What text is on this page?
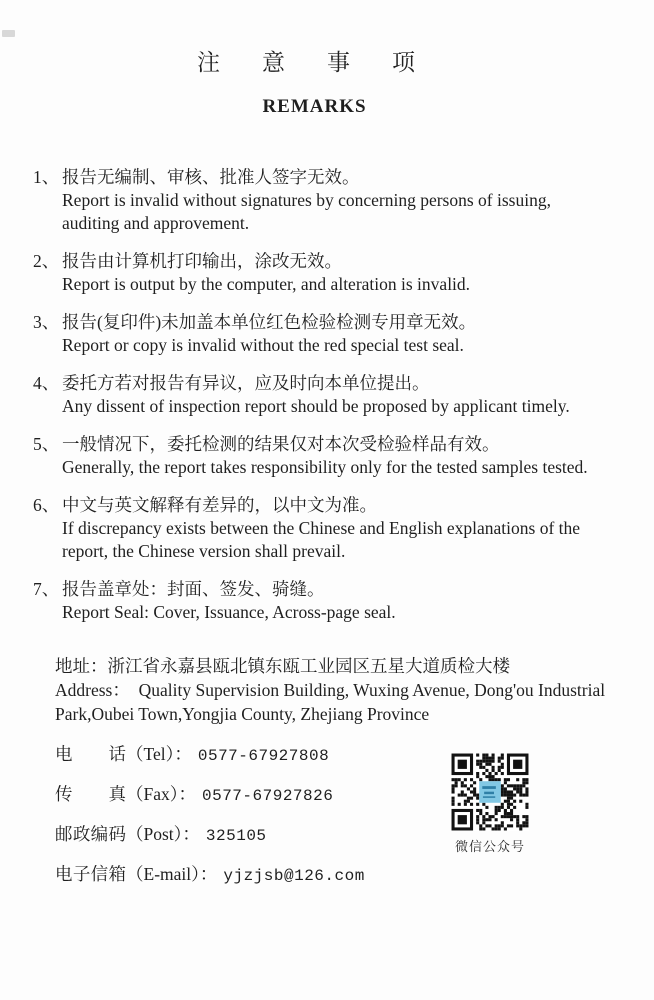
注意事项
REMARKS
1、 报告无编制、审核、批准人签字无效。
Report is invalid without signatures by concerning persons of issuing,
auditing and approvement.
2、 报告由计算机打印输出，涂改无效。
Report is output by the computer, and alteration is invalid.
3、 报告(复印件)未加盖本单位红色检验检测专用章无效。
Report or copy is invalid without the red special test seal.
4、 委托方若对报告有异议，应及时向本单位提出。
Any dissent of inspection report should be proposed by applicant timely.
5、 一般情况下，委托检测的结果仅对本次受检验样品有效。
Generally, the report takes responsibility only for the tested samples tested.
6、 中文与英文解释有差异的，以中文为准。
If discrepancy exists between the Chinese and English explanations of the
report, the Chinese version shall prevail.
7、 报告盖章处：封面、签发、骑缝。
Report Seal: Cover, Issuance, Across-page seal.
地址：浙江省永嘉县瓯北镇东瓯工业园区五星大道质检大楼
Address：  Quality Supervision Building, Wuxing Avenue, Dong'ou Industrial
Park,Oubei Town,Yongjia County, Zhejiang Province
电话（Tel）： 0577-67927808
传真（Fax）： 0577-67927826
邮政编码（Post）： 325105
电子信箱（E-mail）： yjzjsb@126.com
微信公众号
